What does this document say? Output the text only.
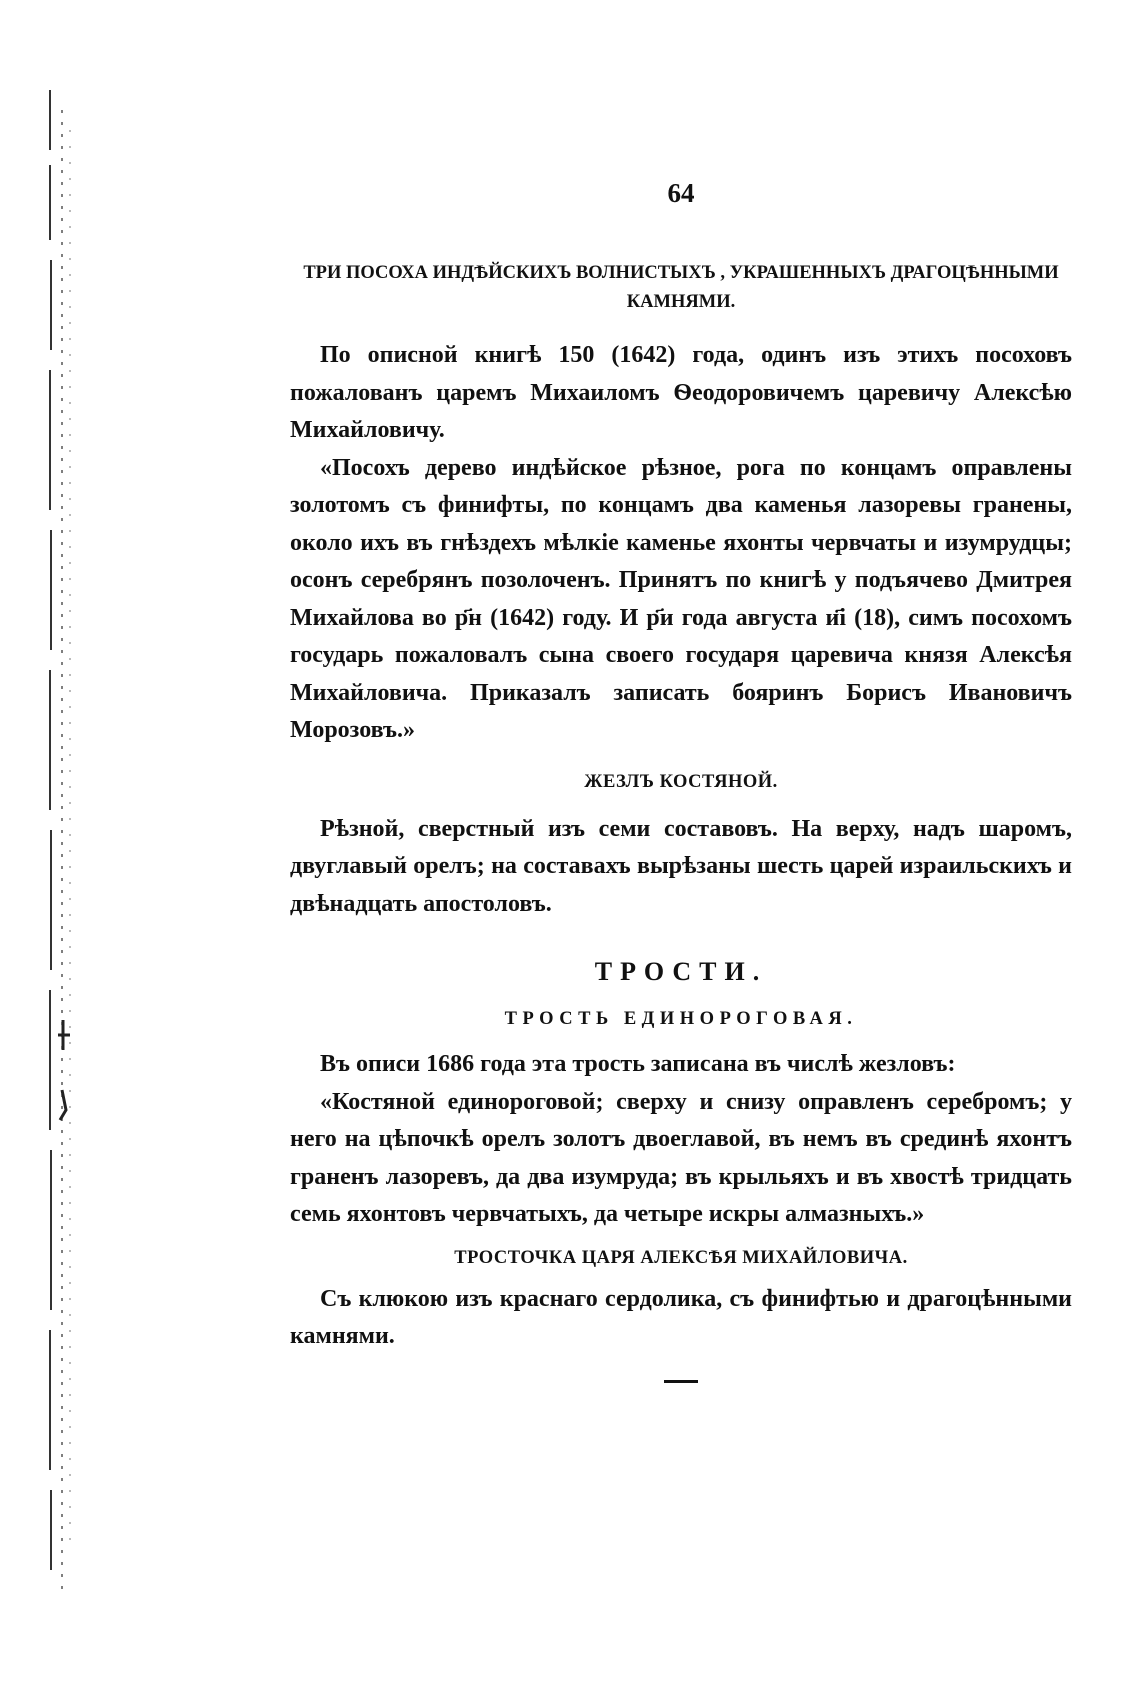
64
ТРИ ПОСОХА ИНДѢЙСКИХЪ ВОЛНИСТЫХЪ , УКРАШЕННЫХЪ ДРАГОЦѢННЫМИ КАМНЯМИ.

По описной книгѣ 150 (1642) года, одинъ изъ этихъ посоховъ пожалованъ царемъ Михаиломъ Ѳеодоровичемъ царевичу Алексѣю Михайловичу.

«Посохъ дерево индѣйское рѣзное, рога по концамъ оправлены золотомъ съ финифты, по концамъ два каменья лазоревы гранены, около ихъ въ гнѣздехъ мѣлкіе каменье яхонты червчаты и изумрудцы; осонъ серебрянъ позолоченъ. Принятъ по книгѣ у подъячево Дмитрея Михайлова во р҃н (1642) году. И р҃и года августа и҃і (18), симъ посохомъ государь пожаловалъ сына своего государя царевича князя Алексѣя Михайловича. Приказалъ записать бояринъ Борисъ Ивановичъ Морозовъ.»

ЖЕЗЛЪ КОСТЯНОЙ.

Рѣзной, сверстный изъ семи составовъ. На верху, надъ шаромъ, двуглавый орелъ; на составахъ вырѣзаны шесть царей израильскихъ и двѣнадцать апостоловъ.

ТРОСТИ.
ТРОСТЬ ЕДИНОРОГОВАЯ.

Въ описи 1686 года эта трость записана въ числѣ жезловъ:

«Костяной единороговой; сверху и снизу оправленъ серебромъ; у него на цѣпочкѣ орелъ золотъ двоеглавой, въ немъ въ срединѣ яхонтъ граненъ лазоревъ, да два изумруда; въ крыльяхъ и въ хвостѣ тридцать семь яхонтовъ червчатыхъ, да четыре искры алмазныхъ.»

ТРОСТОЧКА ЦАРЯ АЛЕКСѢЯ МИХАЙЛОВИЧА.

Съ клюкою изъ краснаго сердолика, съ финифтью и драгоцѣнными камнями.
